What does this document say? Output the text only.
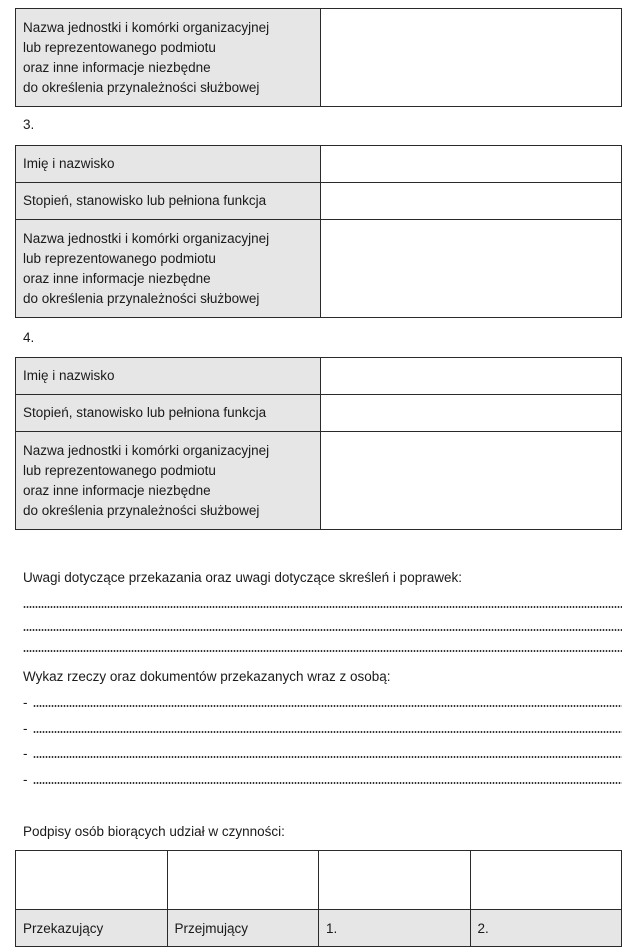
Nazwa jednostki i komórki organizacyjnej
lub reprezentowanego podmiotu
oraz inne informacje niezbędne
do określenia przynależności służbowej

3.
Imię i nazwisko	
Stopień, stanowisko lub pełniona funkcja	

Nazwa jednostki i komórki organizacyjnej
lub reprezentowanego podmiotu
oraz inne informacje niezbędne
do określenia przynależności służbowej	

4.
Imię i nazwisko	
Stopień, stanowisko lub pełniona funkcja	

Nazwa jednostki i komórki organizacyjnej
lub reprezentowanego podmiotu
oraz inne informacje niezbędne
do określenia przynależności służbowej	

Uwagi dotyczące przekazania oraz uwagi dotyczące skreśleń i poprawek:
Wykaz rzeczy oraz dokumentów przekazanych wraz z osobą:
-
-
-
-
Podpisy osób biorących udział w czynności:

Przekazujący	Przejmujący	1.	2.
